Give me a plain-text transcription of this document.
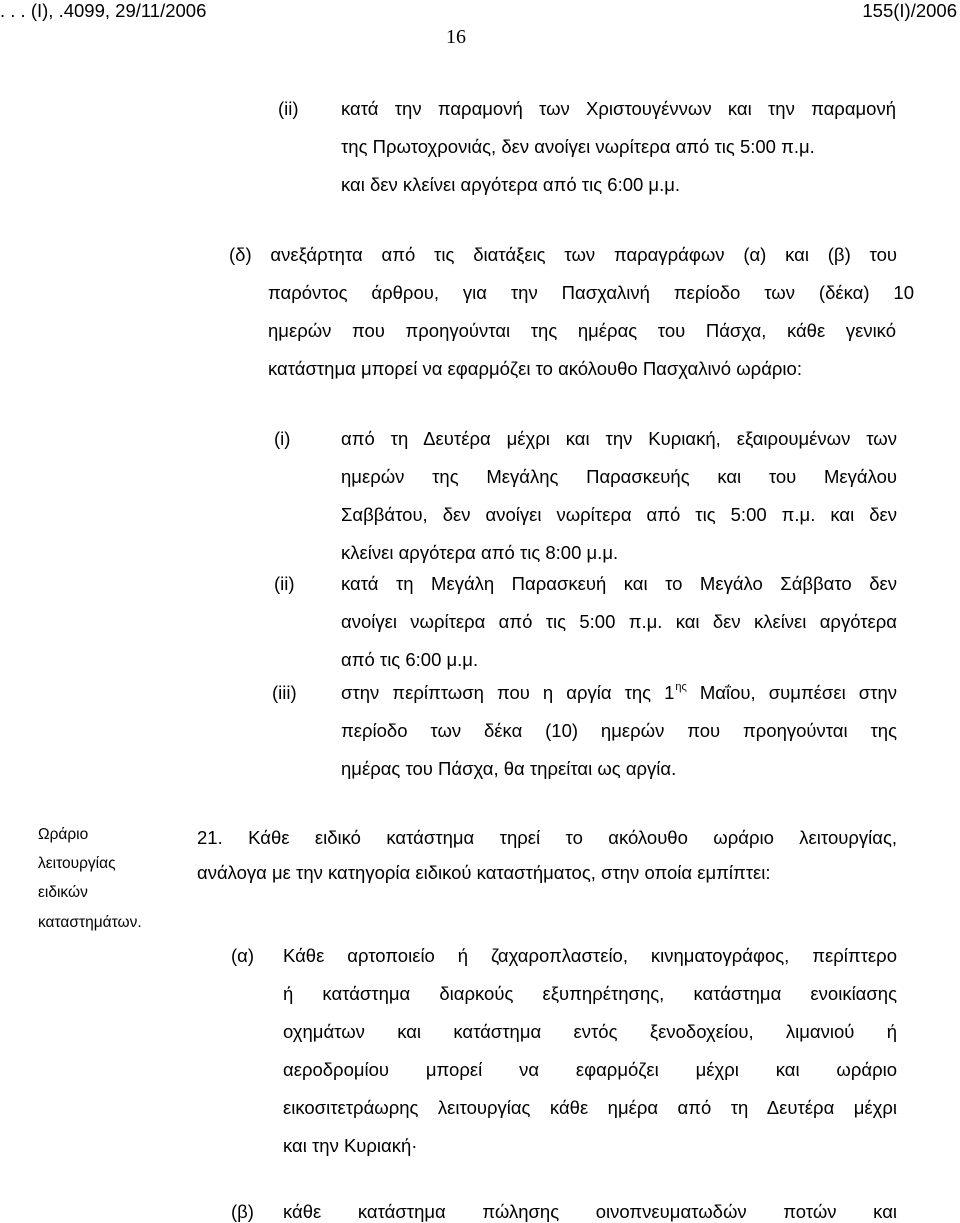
. . . (Ι), .4099, 29/11/2006	155(Ι)/2006
16
(ii) κατά την παραμονή των Χριστουγέννων και την παραμονή
της Πρωτοχρονιάς, δεν ανοίγει νωρίτερα από τις 5:00 π.μ.
και δεν κλείνει αργότερα από τις 6:00 μ.μ.
(δ) ανεξάρτητα από τις διατάξεις των παραγράφων (α) και (β) του
παρόντος άρθρου, για την Πασχαλινή περίοδο των (δέκα) 10
ημερών που προηγούνται της ημέρας του Πάσχα, κάθε γενικό
κατάστημα μπορεί να εφαρμόζει το ακόλουθο Πασχαλινό ωράριο:
(i)	από τη Δευτέρα μέχρι και την Κυριακή, εξαιρουμένων των
ημερών της Μεγάλης Παρασκευής και του Μεγάλου
Σαββάτου, δεν ανοίγει νωρίτερα από τις 5:00 π.μ. και δεν
κλείνει αργότερα από τις 8:00 μ.μ.
(ii)	κατά τη Μεγάλη Παρασκευή και το Μεγάλο Σάββατο δεν
ανοίγει νωρίτερα από τις 5:00 π.μ. και δεν κλείνει αργότερα
από τις 6:00 μ.μ.
(iii) στην περίπτωση που η αργία της $1^{\eta\varsigma}$ Μαΐου, συμπέσει στην
περίοδο των δέκα (10) ημερών που προηγούνται της
ημέρας του Πάσχα, θα τηρείται ως αργία.
Ωράριο
λειτουργίας
ειδικών
καταστημάτων.
21. Κάθε ειδικό κατάστημα τηρεί το ακόλουθο ωράριο λειτουργίας,
ανάλογα με την κατηγορία ειδικού καταστήματος, στην οποία εμπίπτει:
(α) Κάθε αρτοποιείο ή ζαχαροπλαστείο, κινηματογράφος, περίπτερο
ή κατάστημα διαρκούς εξυπηρέτησης, κατάστημα ενοικίασης
οχημάτων και κατάστημα εντός ξενοδοχείου, λιμανιού ή
αεροδρομίου μπορεί να εφαρμόζει μέχρι και ωράριο
εικοσιτετράωρης λειτουργίας κάθε ημέρα από τη Δευτέρα μέχρι
και την Κυριακή·
(β) κάθε κατάστημα πώλησης οινοπνευματωδών ποτών και
